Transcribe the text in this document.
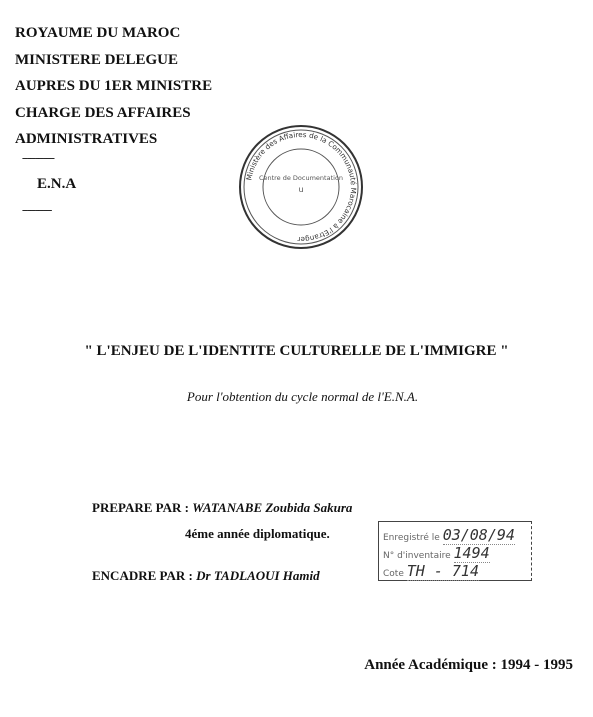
ROYAUME DU MAROC
MINISTERE DELEGUE
AUPRES DU 1ER MINISTRE
CHARGE DES AFFAIRES
ADMINISTRATIVES
------------
E.N.A
-----------
Ministère des Affaires de la Communauté Marocaine à l'Etranger
Centre de Documentation
u
" L'ENJEU DE L'IDENTITE CULTURELLE DE L'IMMIGRE "
Pour l'obtention du cycle normal de l'E.N.A.
PREPARE PAR : WATANABE Zoubida Sakura
4éme année diplomatique.
ENCADRE PAR : Dr TADLAOUI Hamid
Enregistré le 03/08/94
N° d'inventaire 1494
Cote TH - 714
Année Académique : 1994 - 1995
